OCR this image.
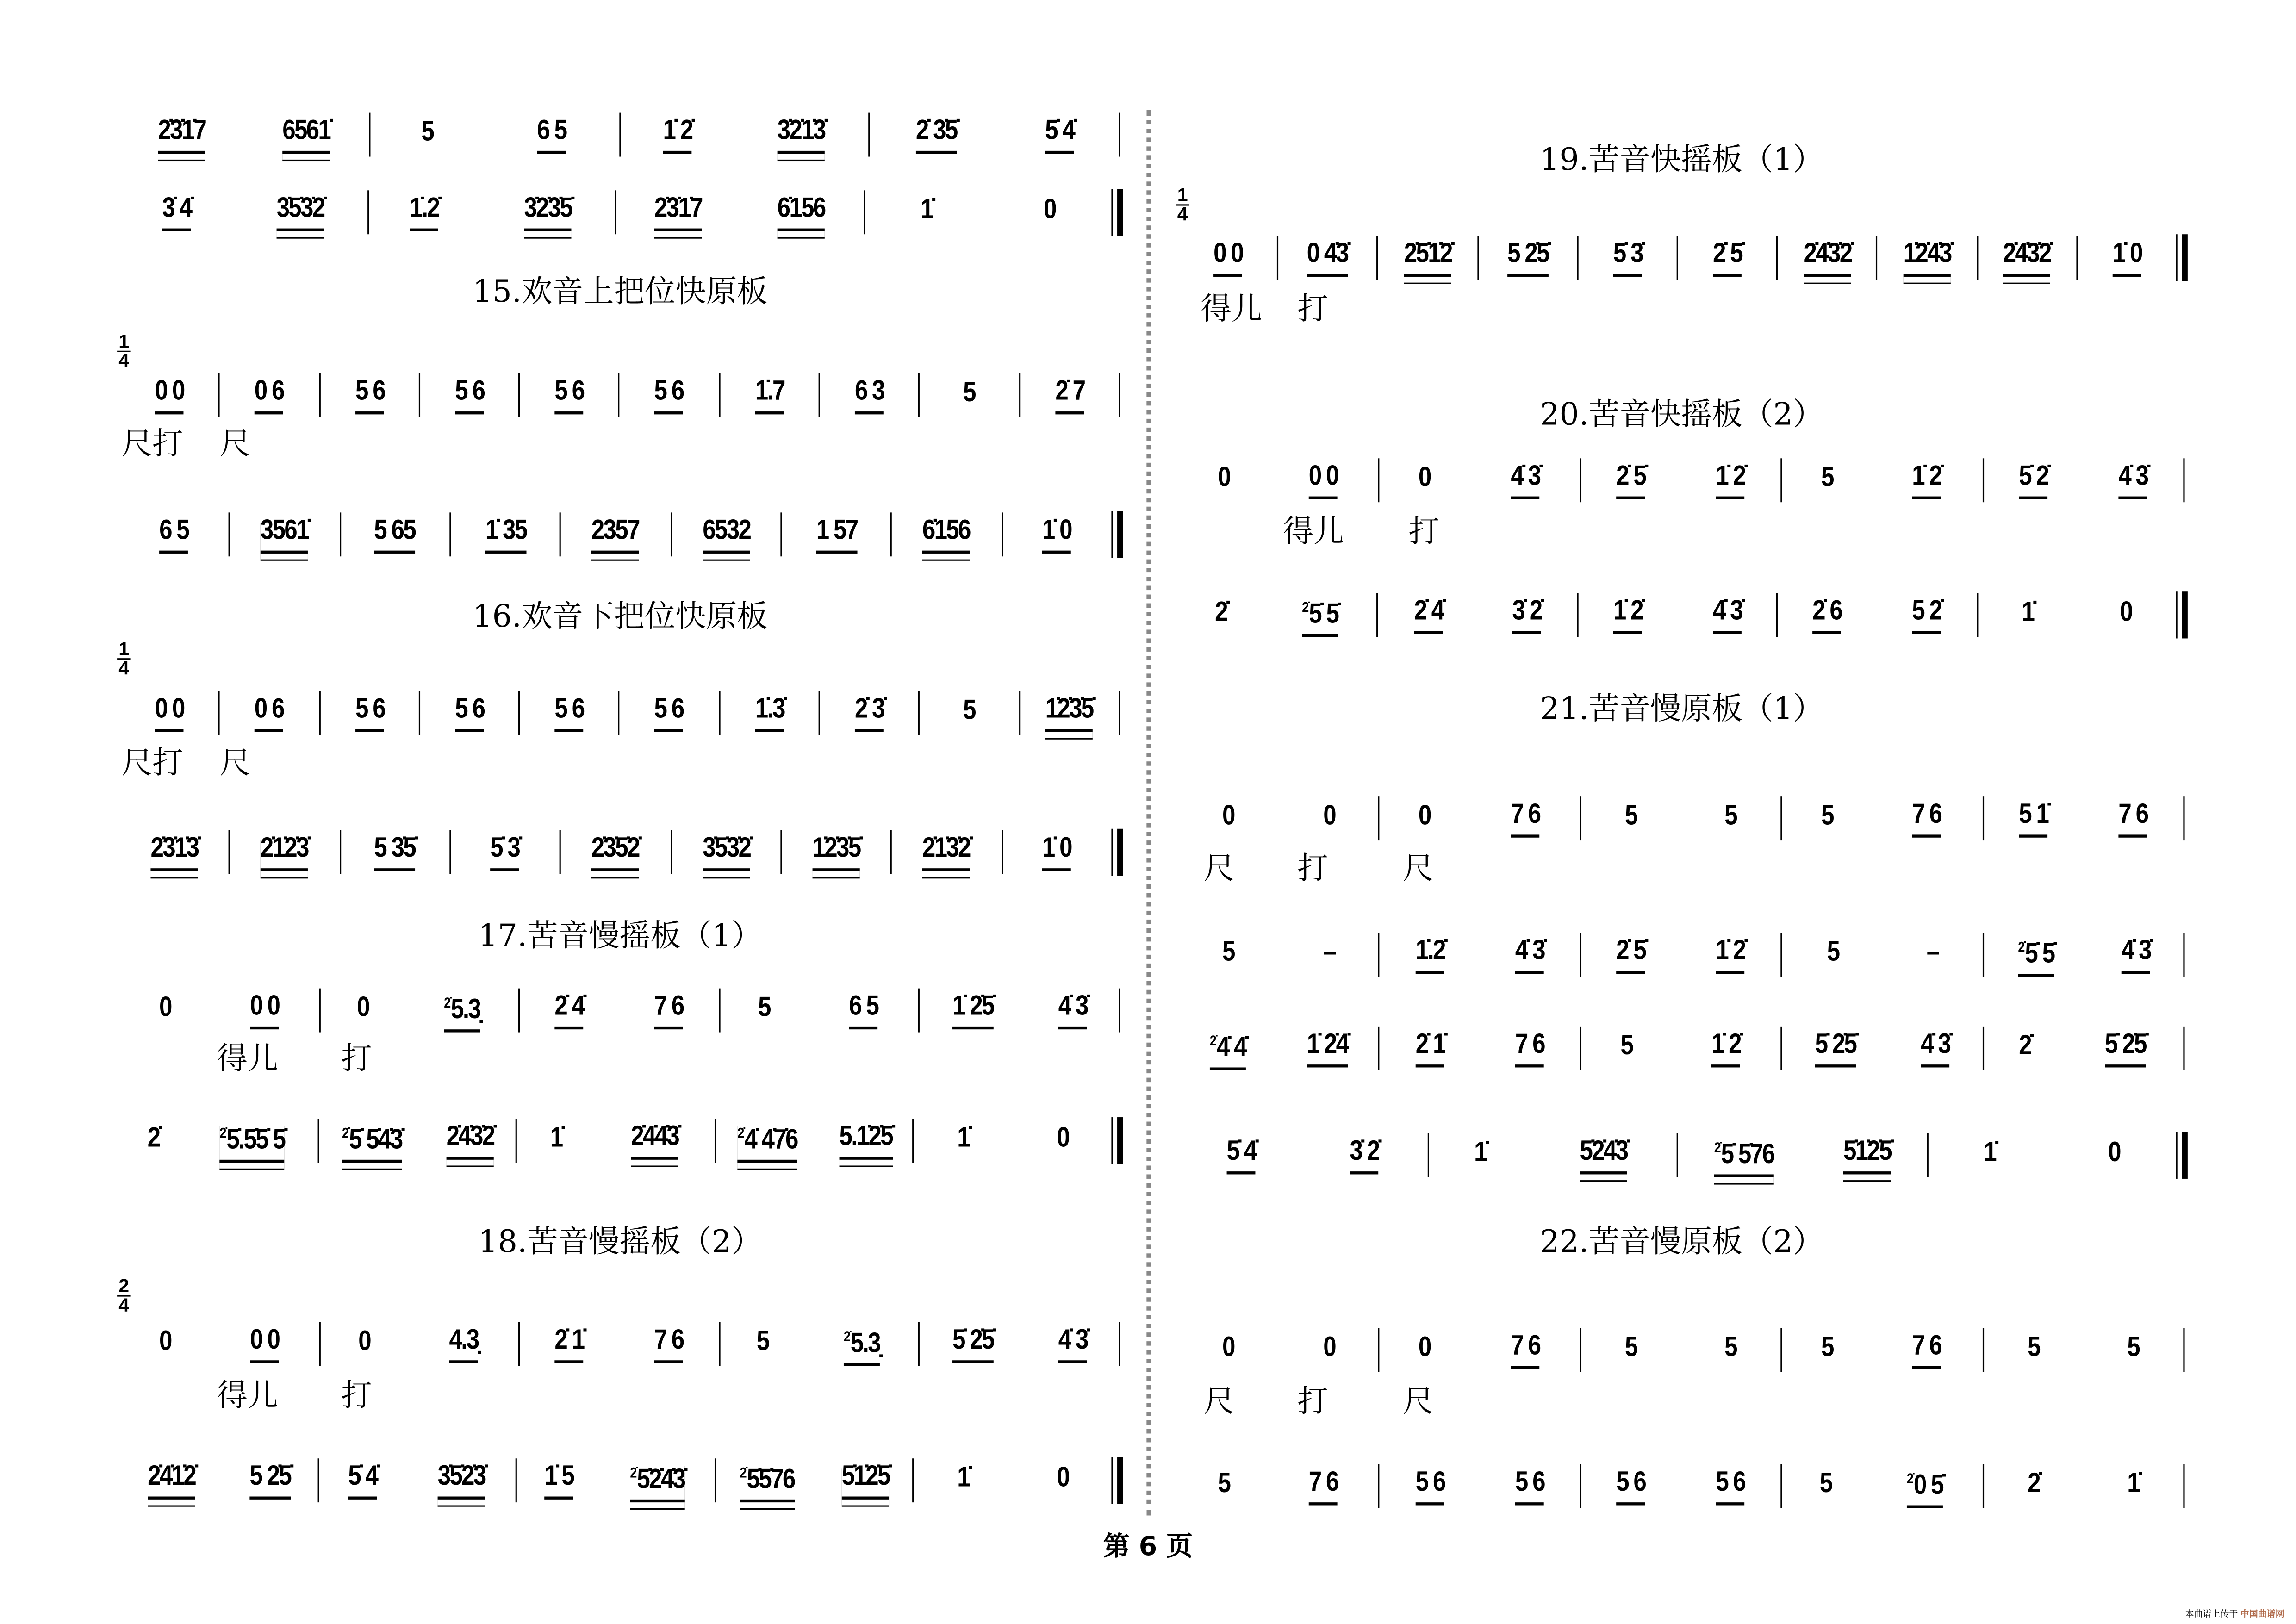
第 6 页
本曲谱上传于 中国曲谱网
2̇3̇1̇7	6561̇	5	6 5	1̇ 2̇	3̇2̇1̇3̇	2̇ 3̇5̇	5̇ 4̇
3̇ 4̇	3̇5̇3̇2̇	1̇.2̇	3̇2̇3̇5̇	2̇3̇1̇7	6̇156	1̇	0
15.欢音上把位快原板
1
4
0 0	0 6	5 6	5 6	5 6	5 6	1̇.7	6 3	5	2̇ 7
6 5	3561̇	5 65	1̇ 35	2357	6532	1 57	6̇156	1̇ 0
尺打	尺
16.欢音下把位快原板
1
4
0 0	0 6	5 6	5 6	5 6	5 6	1̇.3̇	2̇ 3̇	5	1̇2̇3̇5̇
2̇3̇1̇3̇	2̇1̇2̇3̇	5 3̇5̇	5̇ 3̇	2̇3̇5̇2̇	3̇5̇3̇2̇	1̇2̇3̇5̇	2̇1̇3̇2̇	1̇ 0
尺打	尺
17.苦音慢摇板（1）
0	0 0	0	$^{2̇}$ 5.3̣	2̇ 4̇	7 6	5	6 5	1̇ 2̇5̇	4̇ 3̇
2̇	$^{2̇}$ 5̇.5̇5̇ 5̇	$^{2̇}$ 5̇ 5̇4̇3̇	2̇4̇3̇2̇	1̇	2̇4̇4̇3̇	$^{2̇}$ 4̇ 4̇7̇6	5.1̇2̇5̇	1̇	0
得儿	打
18.苦音慢摇板（2）
2
4
0	0 0	0	4.3̣	2̇ 1̇	7 6	5	$^{2̇}$ 5.3̣	5̇ 2̇5̇	4̇ 3̇
2̇4̇1̇2̇	5 2̇5̇	5̇ 4̇	3̇5̇2̇3̇	1̇ 5	$^{2̇}$ 5̇2̇4̇3̇	$^{2̇}$ 5̇5̇76	5̇1̇2̇5̇	1̇	0
得儿	打
19.苦音快摇板（1）
1
4
0 0	0 4̇3̇	2̇5̇1̇2̇	5 2̇5̇	5̇ 3̇	2̇ 5̇	2̇4̇3̇2̇	1̇2̇4̇3̇	2̇4̇3̇2̇	1̇ 0
得儿	打
20.苦音快摇板（2）
0	0 0	0	4̇ 3̇	2̇ 5̇	1̇ 2̇	5	1̇ 2̇	5̇ 2̇	4̇ 3̇
2̇	$^{2̇}$ 5̇ 5̇	2̇ 4̇	3̇ 2̇	1̇ 2̇	4̇ 3̇	2̇ 6	5 2̇	1̇	0
得儿	打
21.苦音慢原板（1）
0	0	0	7 6	5	5	5	7 6	5 1̇	7 6
5	–	1̇.2̇	4̇ 3̇	2̇ 5̇	1̇ 2̇	5	–	$^{2̇}$ 5̇ 5̇	4̇ 3̇
$^{2̇}$ 4̇ 4̇	1̇ 2̇4̇	2̇ 1̇	7 6	5	1̇ 2̇	5̇ 2̇5̇	4̇ 3̇	2̇	5̇ 2̇5̇
5̇ 4̇	3̇ 2̇	1̇	5̇2̇4̇3̇	$^{2̇}$ 5̇ 5̇76	5̇1̇2̇5̇	1̇	0
尺	打	尺
22.苦音慢原板（2）
0	0	0	7 6	5	5	5	7 6	5	5
5	7 6	5 6	5 6	5 6	5 6	5	$^{2̇}$ 0 5̇	2̇	1̇
尺	打	尺
